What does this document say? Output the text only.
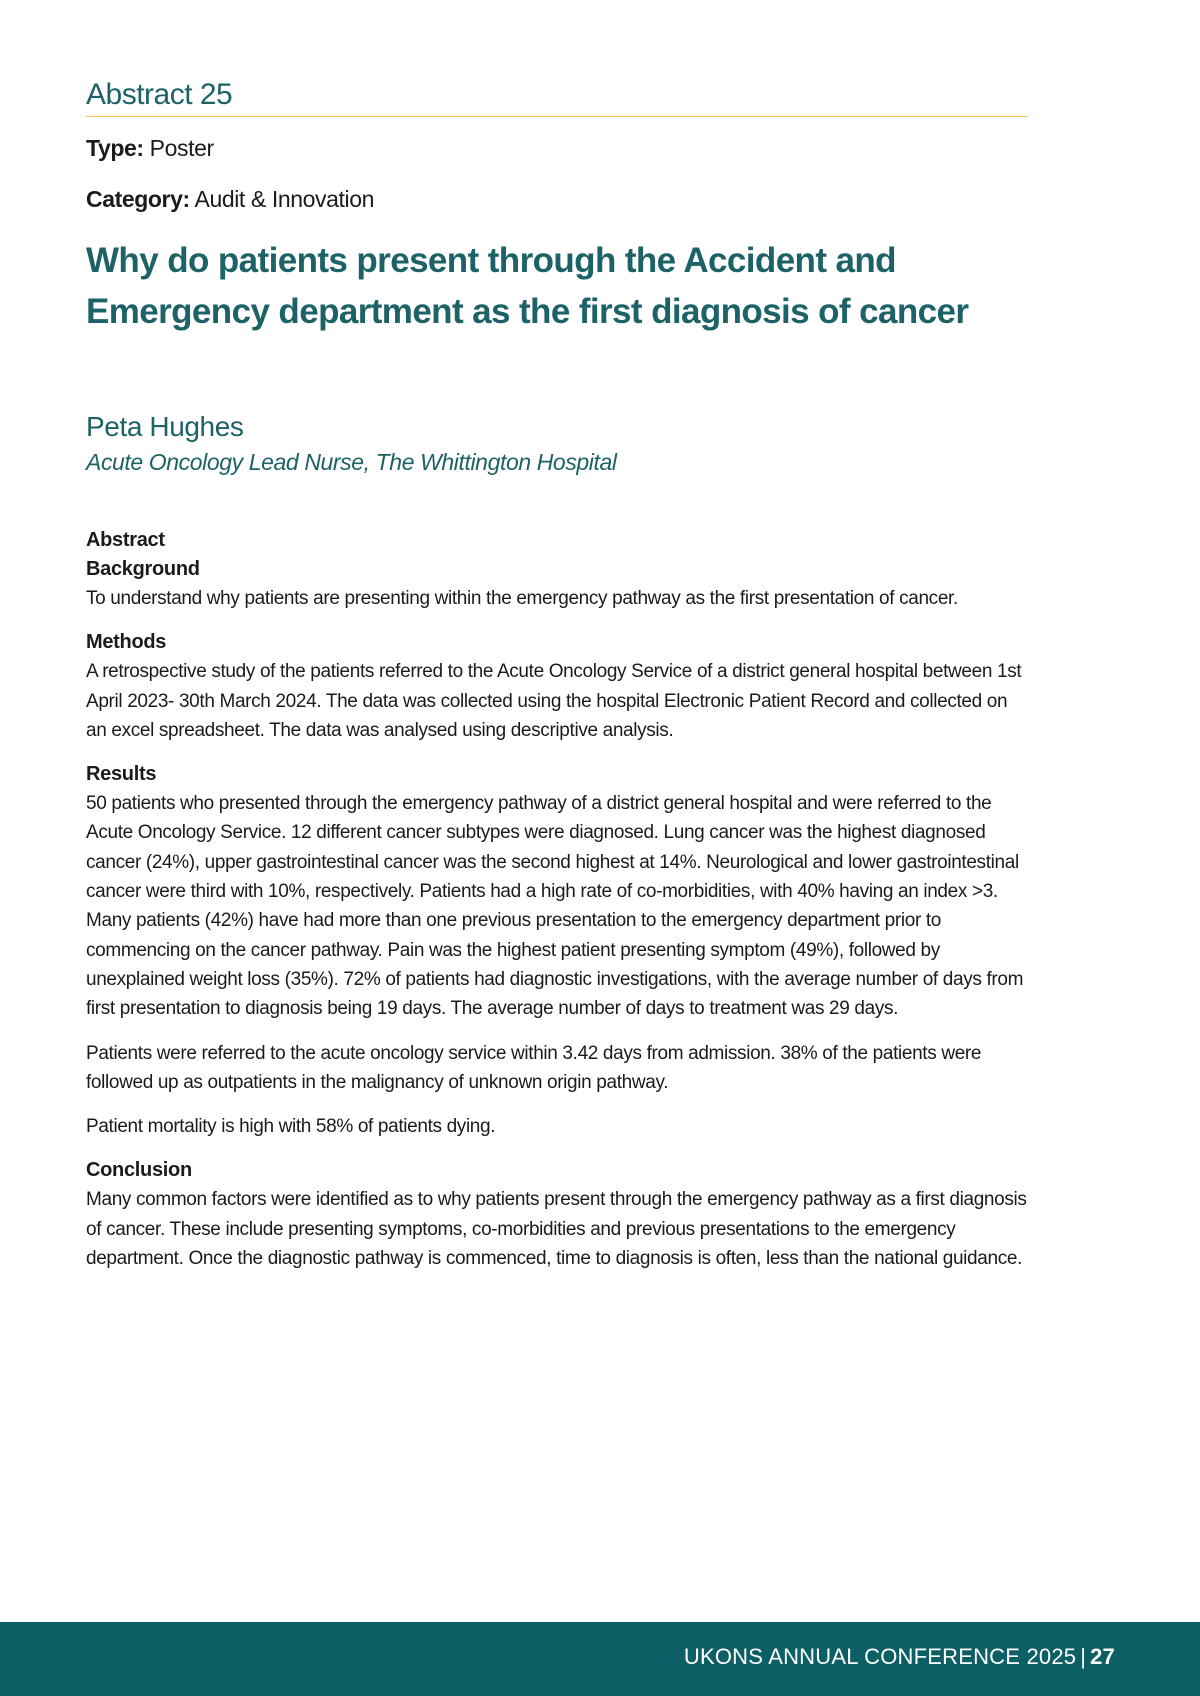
Abstract 25

Type: Poster

Category: Audit & Innovation

Why do patients present through the Accident and
Emergency department as the first diagnosis of cancer
Peta Hughes
Acute Oncology Lead Nurse, The Whittington Hospital
Abstract
Background

To understand why patients are presenting within the emergency pathway as the first presentation of cancer.

Methods

A retrospective study of the patients referred to the Acute Oncology Service of a district general hospital between 1st April 2023- 30th March 2024. The data was collected using the hospital Electronic Patient Record and collected on an excel spreadsheet. The data was analysed using descriptive analysis.

Results

50 patients who presented through the emergency pathway of a district general hospital and were referred to the Acute Oncology Service. 12 different cancer subtypes were diagnosed. Lung cancer was the highest diagnosed cancer (24%), upper gastrointestinal cancer was the second highest at 14%. Neurological and lower gastrointestinal cancer were third with 10%, respectively. Patients had a high rate of co-morbidities, with 40% having an index >3. Many patients (42%) have had more than one previous presentation to the emergency department prior to commencing on the cancer pathway. Pain was the highest patient presenting symptom (49%), followed by unexplained weight loss (35%). 72% of patients had diagnostic investigations, with the average number of days from first presentation to diagnosis being 19 days. The average number of days to treatment was 29 days.

Patients were referred to the acute oncology service within 3.42 days from admission. 38% of the patients were followed up as outpatients in the malignancy of unknown origin pathway.

Patient mortality is high with 58% of patients dying.

Conclusion

Many common factors were identified as to why patients present through the emergency pathway as a first diagnosis of cancer. These include presenting symptoms, co-morbidities and previous presentations to the emergency department. Once the diagnostic pathway is commenced, time to diagnosis is often, less than the national guidance.

UKONS ANNUAL CONFERENCE 2025 | 27
